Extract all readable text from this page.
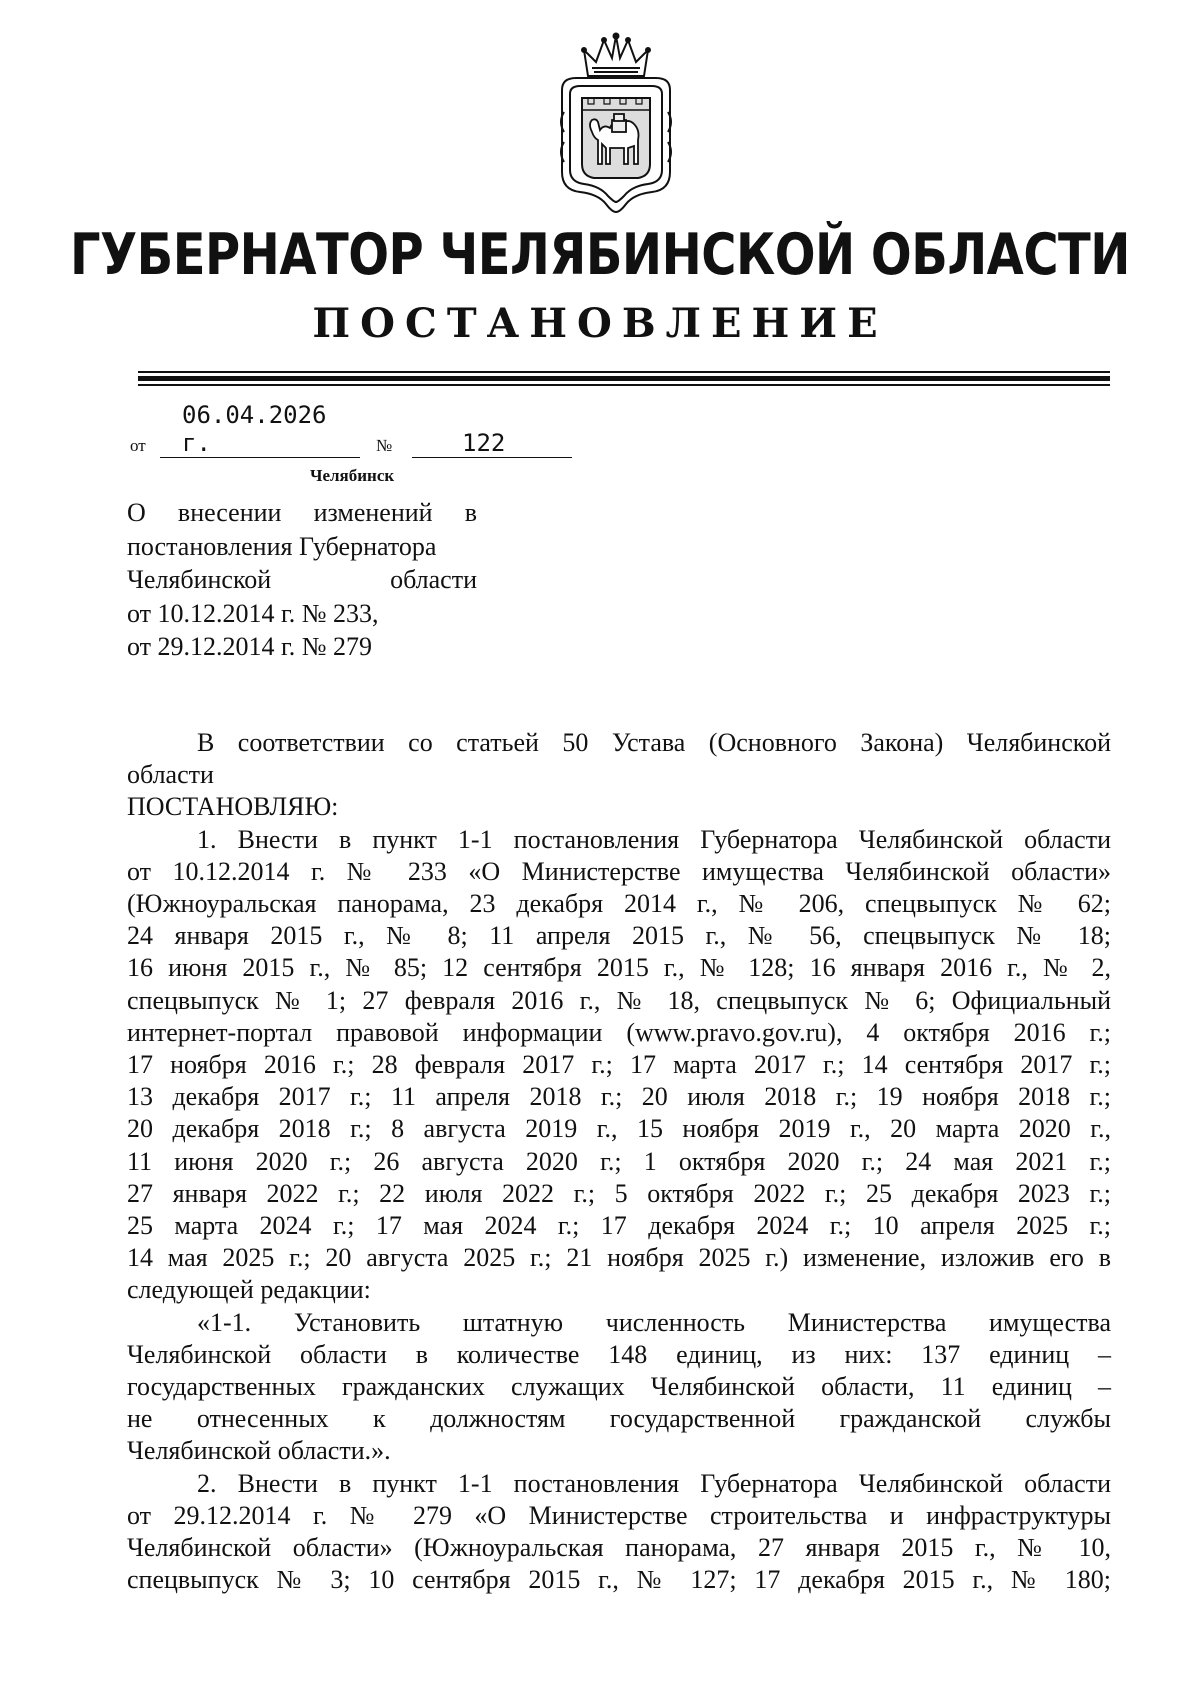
ГУБЕРНАТОР ЧЕЛЯБИНСКОЙ ОБЛАСТИ
ПОСТАНОВЛЕНИЕ
от
06.04.2026 г.	№	122
Челябинск
О внесении изменений в
постановления Губернатора
Челябинской области
от 10.12.2014 г. № 233,
от 29.12.2014 г. № 279
В соответствии со статьей 50 Устава (Основного Закона) Челябинской
области
ПОСТАНОВЛЯЮ:
1. Внести в пункт 1-1 постановления Губернатора Челябинской области
от 10.12.2014 г. № 233 «О Министерстве имущества Челябинской области»
(Южноуральская панорама, 23 декабря 2014 г., № 206, спецвыпуск № 62;
24 января 2015 г., № 8; 11 апреля 2015 г., № 56, спецвыпуск № 18;
16 июня 2015 г., № 85; 12 сентября 2015 г., № 128; 16 января 2016 г., № 2,
спецвыпуск № 1; 27 февраля 2016 г., № 18, спецвыпуск № 6; Официальный
интернет-портал правовой информации (www.pravo.gov.ru), 4 октября 2016 г.;
17 ноября 2016 г.; 28 февраля 2017 г.; 17 марта 2017 г.; 14 сентября 2017 г.;
13 декабря 2017 г.; 11 апреля 2018 г.; 20 июля 2018 г.; 19 ноября 2018 г.;
20 декабря 2018 г.; 8 августа 2019 г., 15 ноября 2019 г., 20 марта 2020 г.,
11 июня 2020 г.; 26 августа 2020 г.; 1 октября 2020 г.; 24 мая 2021 г.;
27 января 2022 г.; 22 июля 2022 г.; 5 октября 2022 г.; 25 декабря 2023 г.;
25 марта 2024 г.; 17 мая 2024 г.; 17 декабря 2024 г.; 10 апреля 2025 г.;
14 мая 2025 г.; 20 августа 2025 г.; 21 ноября 2025 г.) изменение, изложив его в
следующей редакции:
«1-1. Установить штатную численность Министерства имущества
Челябинской области в количестве 148 единиц, из них: 137 единиц –
государственных гражданских служащих Челябинской области, 11 единиц –
не отнесенных к должностям государственной гражданской службы
Челябинской области.».
2. Внести в пункт 1-1 постановления Губернатора Челябинской области
от 29.12.2014 г. № 279 «О Министерстве строительства и инфраструктуры
Челябинской области» (Южноуральская панорама, 27 января 2015 г., № 10,
спецвыпуск № 3; 10 сентября 2015 г., № 127; 17 декабря 2015 г., № 180;
